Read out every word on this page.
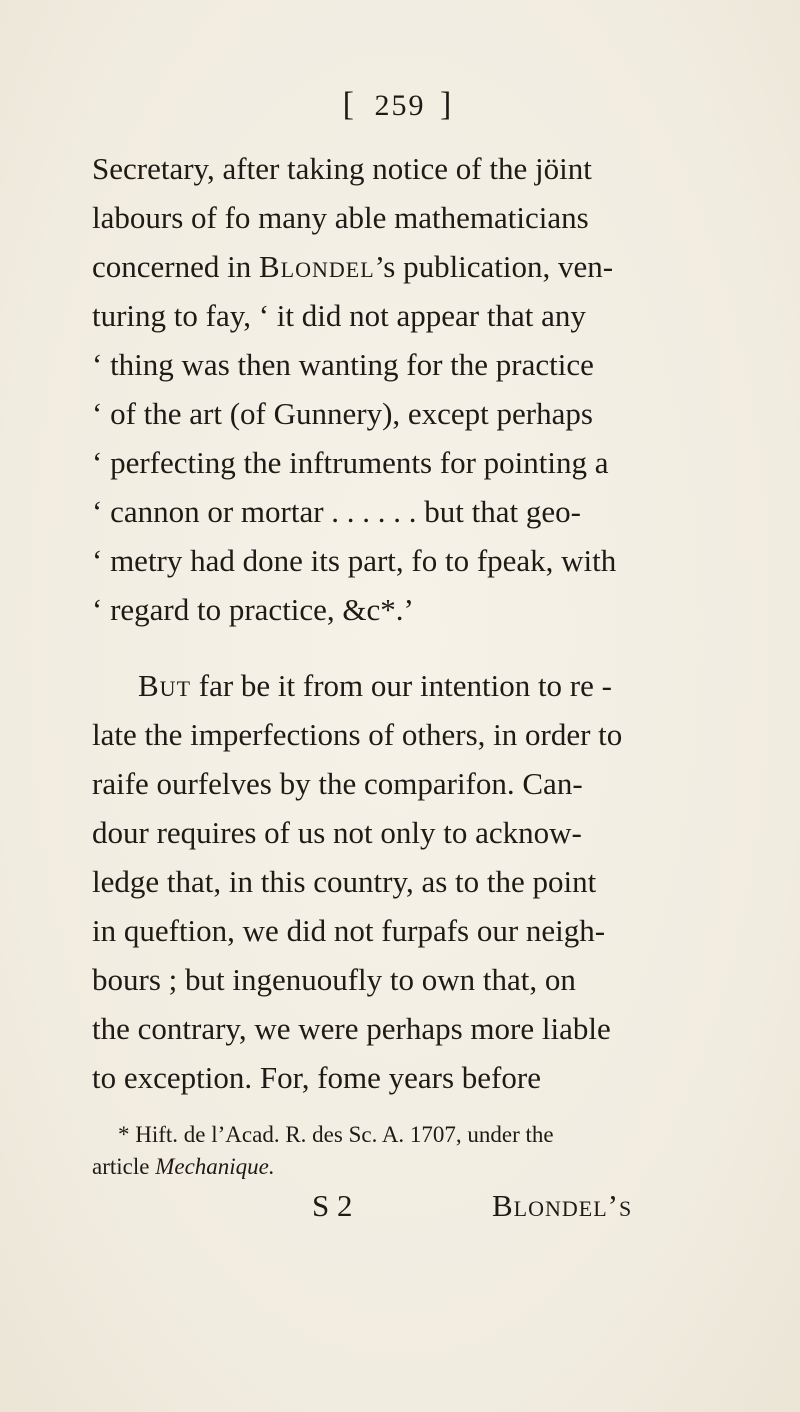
[ 259 ]
Secretary, after taking notice of the jöint
labours of fo many able mathematicians
concerned in Blondel’s publication, ven-
turing to fay, ‘ it did not appear that any
‘ thing was then wanting for the practice
‘ of the art (of Gunnery), except perhaps
‘ perfecting the inftruments for pointing a
‘ cannon or mortar . . . . . . but that geo-
‘ metry had done its part, fo to fpeak, with
‘ regard to practice, &c*.’
But far be it from our intention to re -
late the imperfections of others, in order to
raife ourfelves by the comparifon. Can-
dour requires of us not only to acknow-
ledge that, in this country, as to the point
in queftion, we did not furpafs our neigh-
bours ; but ingenuoufly to own that, on
the contrary, we were perhaps more liable
to exception. For, fome years before
* Hift. de l’Acad. R. des Sc. A. 1707, under the
article Mechanique.
S 2	Blondel’s
